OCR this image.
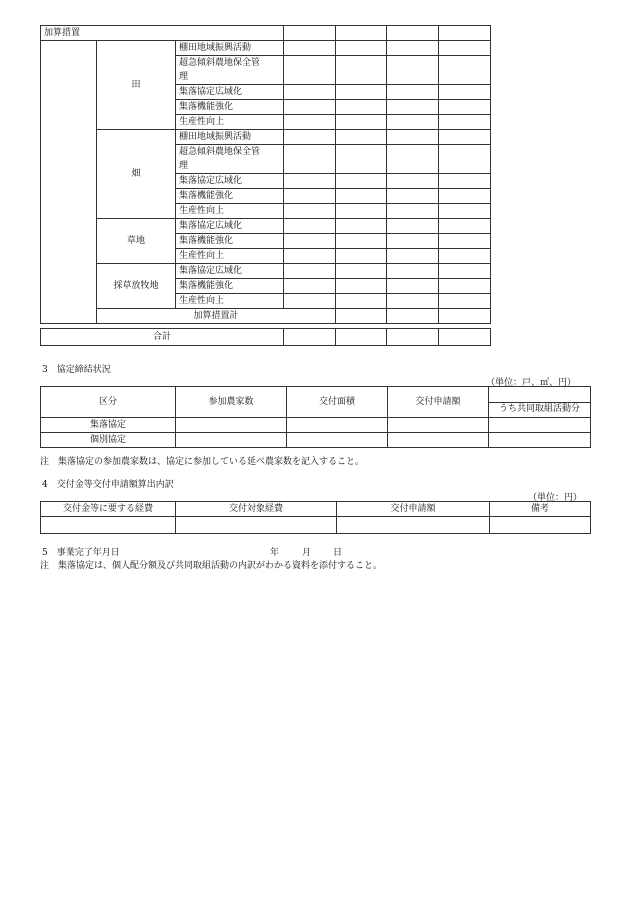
加算措置							
	田	棚田地域振興活動					
		超急傾斜農地保全管					
		理					
		集落協定広域化					
		集落機能強化					
		生産性向上					
	畑	棚田地域振興活動					
		超急傾斜農地保全管					
		理					
		集落協定広域化					
		集落機能強化					
		生産性向上					
	草地	集落協定広域化					
		集落機能強化					
		生産性向上					
	採草放牧地	集落協定広域化					
		集落機能強化					
		生産性向上					
	加算措置計						
合計				
3　協定締結状況
（単位：戸、㎡、円）
区分	参加農家数	交付面積	交付申請額	
				うち共同取組活動分
集落協定				
個別協定				
注　集落協定の参加農家数は、協定に参加している延べ農家数を記入すること。
4　交付金等交付申請額算出内訳
（単位：円）
交付金等に要する経費	交付対象経費	交付申請額	備考

5　事業完了年月日	年	月 日
注　集落協定は、個人配分額及び共同取組活動の内訳がわかる資料を添付すること。
